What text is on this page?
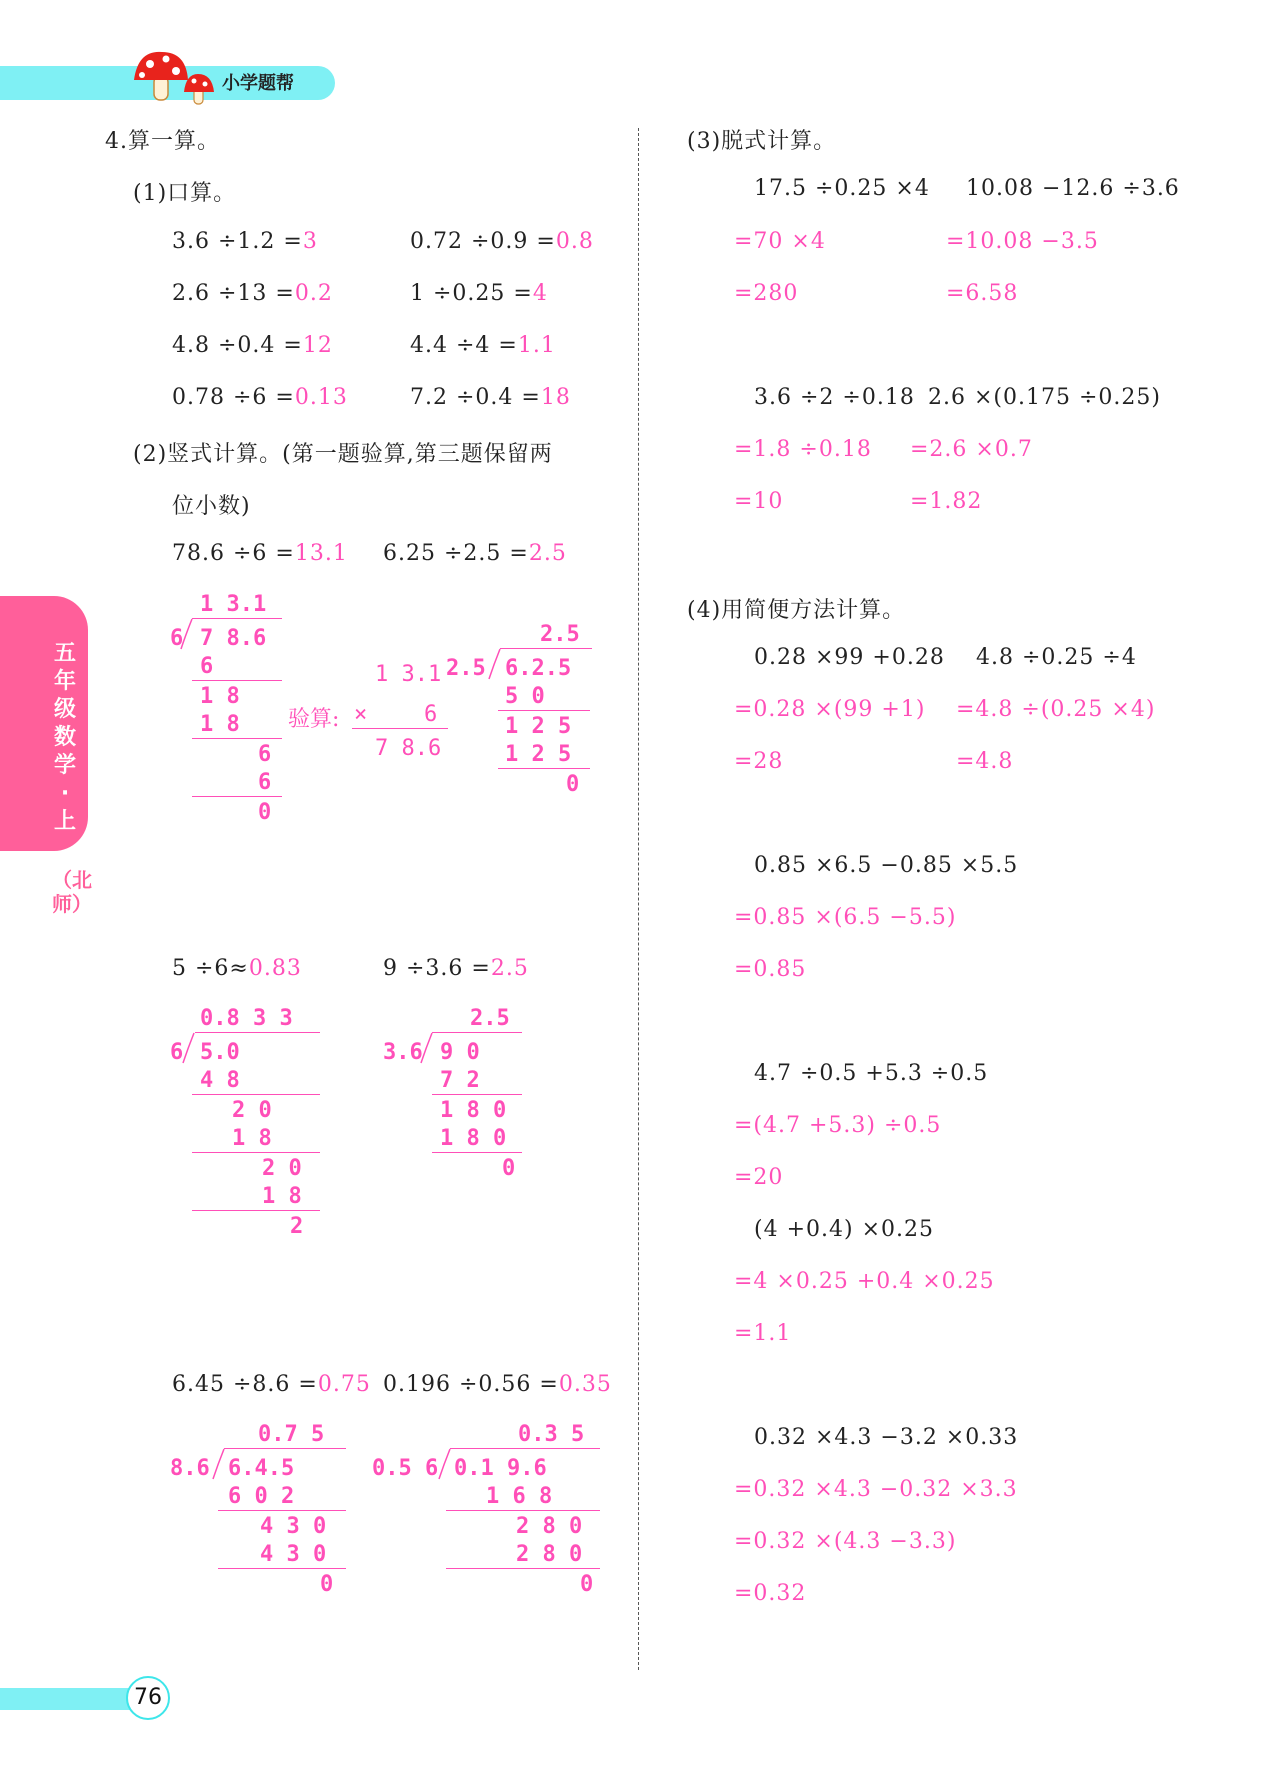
小学题帮
五年级数学·上
（北师）
4.算一算。
(1)口算。
3.6 ÷1.2 =3	0.72 ÷0.9 =0.8
2.6 ÷13 =0.2	1 ÷0.25 =4
4.8 ÷0.4 =12	4.4 ÷4 =1.1
0.78 ÷6 =0.13	7.2 ÷0.4 =18
(2)竖式计算。(第一题验算,第三题保留两
位小数)
78.6 ÷6 =13.1 6.25 ÷2.5 =2.5
1 3.1
6 7 8.6
6
1 8
1 8
6
6
0
1 3.1
验算: ×	6
7 8.6
2.5
2.5 6.2.5
5 0
1 2 5
1 2 5
0
5 ÷6≈0.83	9 ÷3.6 =2.5
0.8 3 3
6 5.0
4 8
2 0
1 8
2 0
1 8
2
2.5
3.6 9 0
7 2
1 8 0
1 8 0
0
6.45 ÷8.6 =0.75 0.196 ÷0.56 =0.35
0.7 5
8.6 6.4.5
6 0 2
4 3 0
4 3 0
0
0.3 5
0.5 6 0.1 9.6
1 6 8
2 8 0
2 8 0
0
(3)脱式计算。
17.5 ÷0.25 ×4
=70 ×4
=280
10.08 −12.6 ÷3.6
=10.08 −3.5
=6.58
3.6 ÷2 ÷0.18
=1.8 ÷0.18
=10
2.6 ×(0.175 ÷0.25)
=2.6 ×0.7
=1.82
(4)用简便方法计算。
0.28 ×99 +0.28
=0.28 ×(99 +1)
=28
4.8 ÷0.25 ÷4
=4.8 ÷(0.25 ×4)
=4.8
0.85 ×6.5 −0.85 ×5.5
=0.85 ×(6.5 −5.5)
=0.85
4.7 ÷0.5 +5.3 ÷0.5
=(4.7 +5.3) ÷0.5
=20
(4 +0.4) ×0.25
=4 ×0.25 +0.4 ×0.25
=1.1
0.32 ×4.3 −3.2 ×0.33
=0.32 ×4.3 −0.32 ×3.3
=0.32 ×(4.3 −3.3)
=0.32
76
